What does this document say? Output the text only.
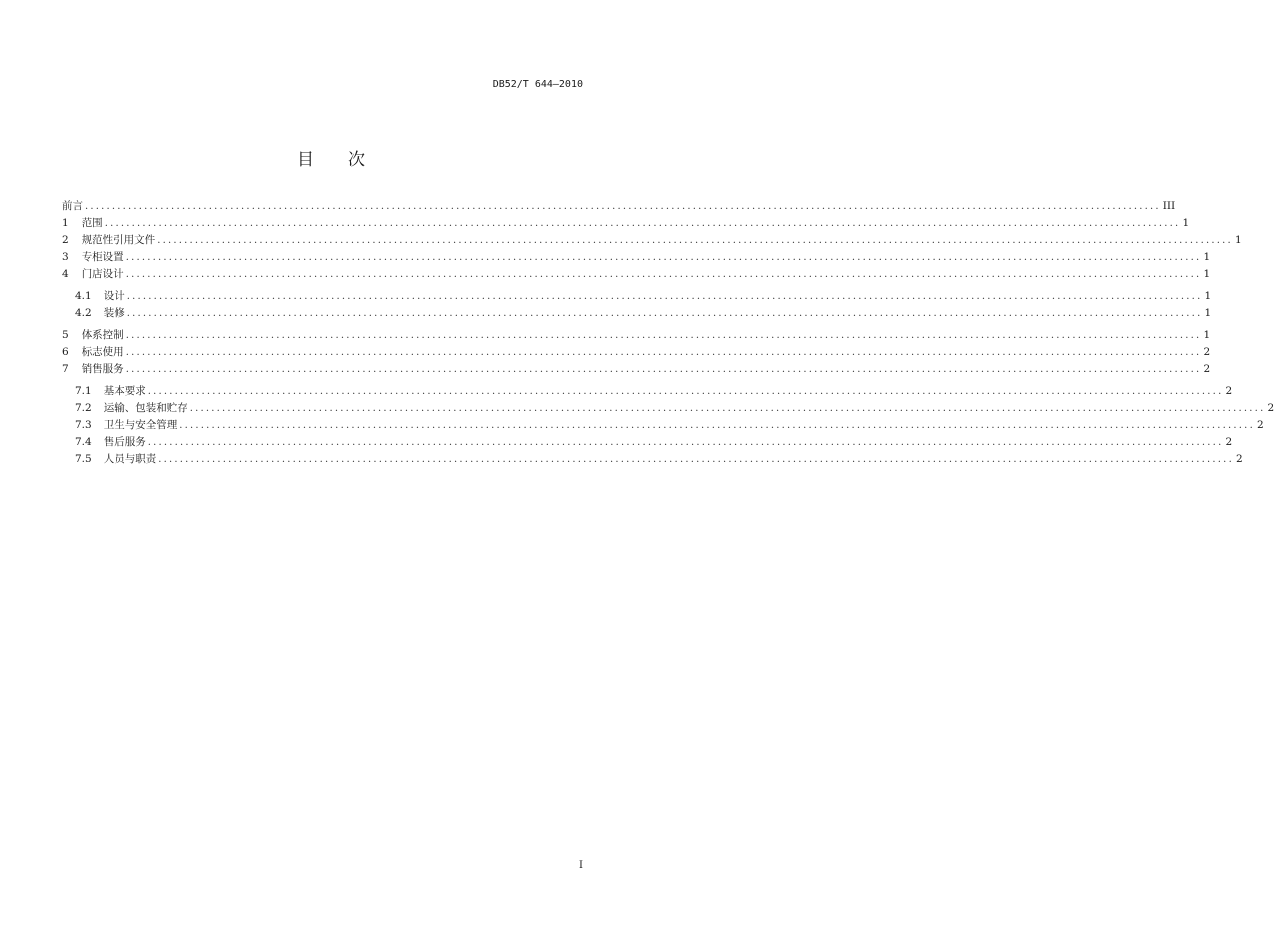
DB52/T 644—2010
目 次
前言 ........................................................................................................................................................................................................ III
1 范围 ........................................................................................................................................................................................................ 1
2 规范性引用文件 ........................................................................................................................................................................................................ 1
3 专柜设置 ........................................................................................................................................................................................................ 1
4 门店设计 ........................................................................................................................................................................................................ 1
4.1 设计 ........................................................................................................................................................................................................ 1
4.2 装修 ........................................................................................................................................................................................................ 1
5 体系控制 ........................................................................................................................................................................................................ 1
6 标志使用 ........................................................................................................................................................................................................ 2
7 销售服务 ........................................................................................................................................................................................................ 2
7.1 基本要求 ........................................................................................................................................................................................................ 2
7.2 运输、包装和贮存 ........................................................................................................................................................................................................ 2
7.3 卫生与安全管理 ........................................................................................................................................................................................................ 2
7.4 售后服务 ........................................................................................................................................................................................................ 2
7.5 人员与职责 ........................................................................................................................................................................................................ 2
I
